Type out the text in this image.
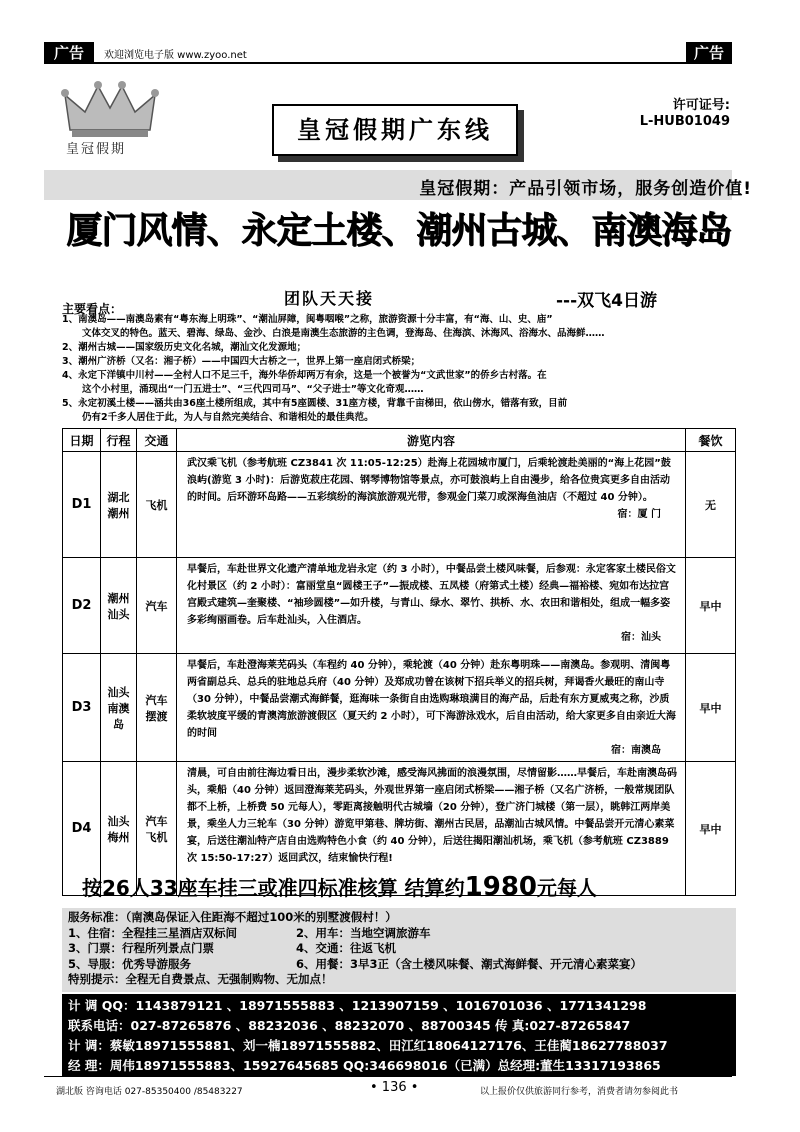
广告	欢迎浏览电子版 www.zyoo.net	广告
皇冠假期
皇冠假期广东线
许可证号:
L-HUB01049
皇冠假期：产品引领市场，服务创造价值!
厦门风情、永定土楼、潮州古城、南澳海岛
团队天天接	---双飞4日游
主要看点：

1、南澳岛——南澳岛素有“粤东海上明珠”、“潮汕屏障，闽粤咽喉”之称，旅游资源十分丰富，有“海、山、史、庙”

文体交叉的特色。蓝天、碧海、绿岛、金沙、白浪是南澳生态旅游的主色调，登海岛、住海滨、沐海风、浴海水、品海鲜……

2、潮州古城——国家级历史文化名城，潮汕文化发源地；

3、潮州广济桥（又名：湘子桥）——中国四大古桥之一，世界上第一座启闭式桥梁；

4、永定下洋镇中川村——全村人口不足三千，海外华侨却两万有余，这是一个被誉为“文武世家”的侨乡古村落。在

这个小村里，涌现出“一门五进士”、“三代四司马”、“父子进士”等文化奇观……

5、永定初溪土楼——涵共由36座土楼所组成，其中有5座圆楼、31座方楼，背靠千亩梯田，依山傍水，错落有致，目前

仍有2千多人居住于此，为人与自然完美结合、和谐相处的最佳典范。

日期	行程	交通	游览内容	餐饮
D1	湖北 潮州	飞机	武汉乘飞机（参考航班 CZ3841 次 11:05-12:25）赴海上花园城市厦门，后乘轮渡赴美丽的“海上花园”鼓浪屿(游览 3 小时)：后游览菽庄花园、钢琴博物馆等景点，亦可鼓浪屿上自由漫步，给各位贵宾更多自由活动的时间。后环游环岛路——五彩缤纷的海滨旅游观光带，参观金门菜刀或深海鱼油店（不超过 40 分钟）。
宿：厦 门	无
D2	潮州 汕头	汽车	早餐后，车赴世界文化遗产清单地龙岩永定（约 3 小时），中餐品尝土楼风味餐，后参观：永定客家土楼民俗文化村景区（约 2 小时）：富丽堂皇“圆楼王子”—振成楼、五凤楼（府第式土楼）经典—福裕楼、宛如布达拉宫宫殿式建筑—奎聚楼、“袖珍圆楼”—如升楼，与青山、绿水、翠竹、拱桥、水、农田和谐相处，组成一幅多姿多彩绚丽画卷。后车赴汕头，入住酒店。
宿：汕头	早中
D3	汕头 南澳 岛	汽车 摆渡	早餐后，车赴澄海莱芜码头（车程约 40 分钟），乘轮渡（40 分钟）赴东粤明珠——南澳岛。参观明、清闽粤两省副总兵、总兵的驻地总兵府（40 分钟）及郑成功曾在该树下招兵举义的招兵树，拜谒香火最旺的南山寺（30 分钟），中餐品尝潮式海鲜餐，逛海味一条街自由选购琳琅满目的海产品，后赴有东方夏威夷之称，沙质柔软坡度平缓的青澳湾旅游渡假区（夏天约 2 小时），可下海游泳戏水，后自由活动，给大家更多自由亲近大海的时间
宿：南澳岛	早中
D4	汕头 梅州	汽车 飞机	清晨，可自由前往海边看日出，漫步柔软沙滩，感受海风拂面的浪漫氛围，尽情留影……早餐后，车赴南澳岛码头，乘船（40 分钟）返回澄海莱芜码头，外观世界第一座启闭式桥梁——湘子桥（又名广济桥，一般常规团队都不上桥，上桥费 50 元每人），零距离接触明代古城墙（20 分钟），登广济门城楼（第一层），眺韩江两岸美景，乘坐人力三轮车（30 分钟）游览甲第巷、牌坊街、潮州古民居，品潮汕古城风情。中餐品尝开元清心素菜宴，后送往潮汕特产店自由选购特色小食（约 40 分钟），后送往揭阳潮汕机场，乘飞机（参考航班 CZ3889 次 15:50-17:27）返回武汉，结束愉快行程!	早中
按26人33座车挂三或准四标准核算 结算约1980元每人
服务标准：（南澳岛保证入住距海不超过100米的别墅渡假村！）
1、住宿：全程挂三星酒店双标间	2、用车：当地空调旅游车
3、门票：行程所列景点门票	4、交通：往返飞机
5、导服：优秀导游服务	6、用餐：3早3正（含土楼风味餐、潮式海鲜餐、开元清心素菜宴）
特别提示：全程无自费景点、无强制购物、无加点！
计 调 QQ：1143879121 、18971555883 、1213907159 、1016701036 、1771341298
联系电话：027-87265876 、88232036 、88232070 、88700345 传 真:027-87265847
计 调：蔡敏18971555881、刘一楠18971555882、田江红18064127176、王佳蔺18627788037
经 理：周伟18971555883、15927645685 QQ:346698016（已满）总经理:董生13317193865
湖北版 咨询电话 027-85350400 /85483227	• 136 •	以上报价仅供旅游同行参考，消费者请勿参阅此书
